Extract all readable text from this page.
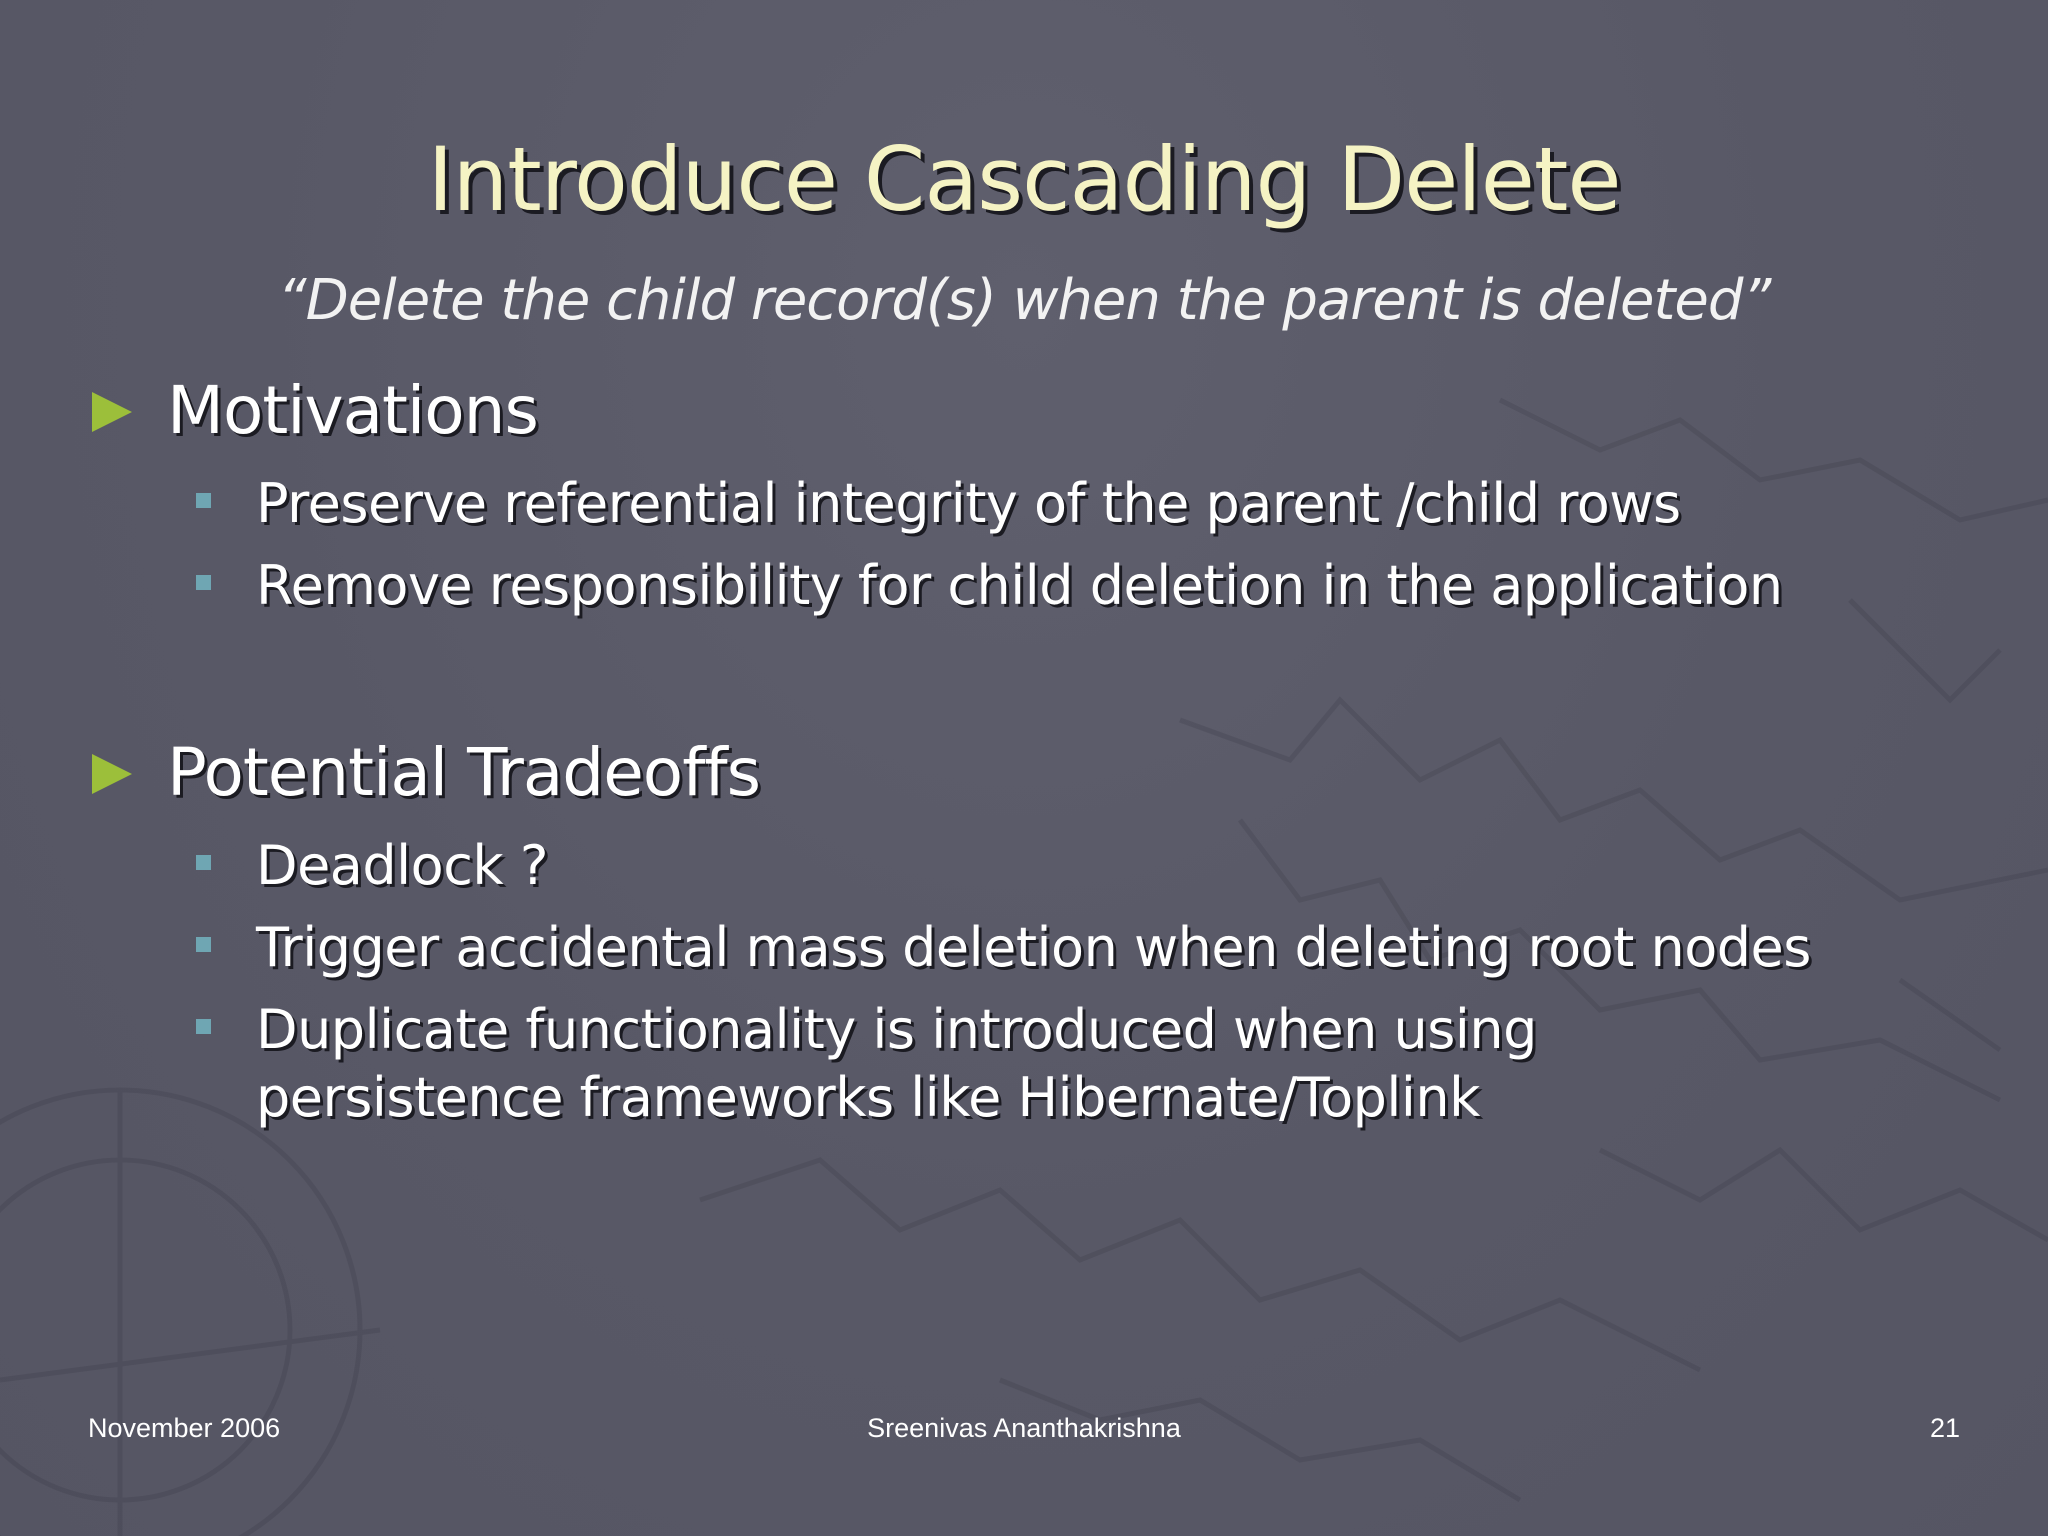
Introduce Cascading Delete
“Delete the child record(s) when the parent is deleted”
Motivations
Preserve referential integrity of the parent /child rows
Remove responsibility for child deletion in the application
Potential Tradeoffs
Deadlock ?
Trigger accidental mass deletion when deleting root nodes
Duplicate functionality is introduced when using persistence frameworks like Hibernate/Toplink
November 2006	Sreenivas Ananthakrishna	21
